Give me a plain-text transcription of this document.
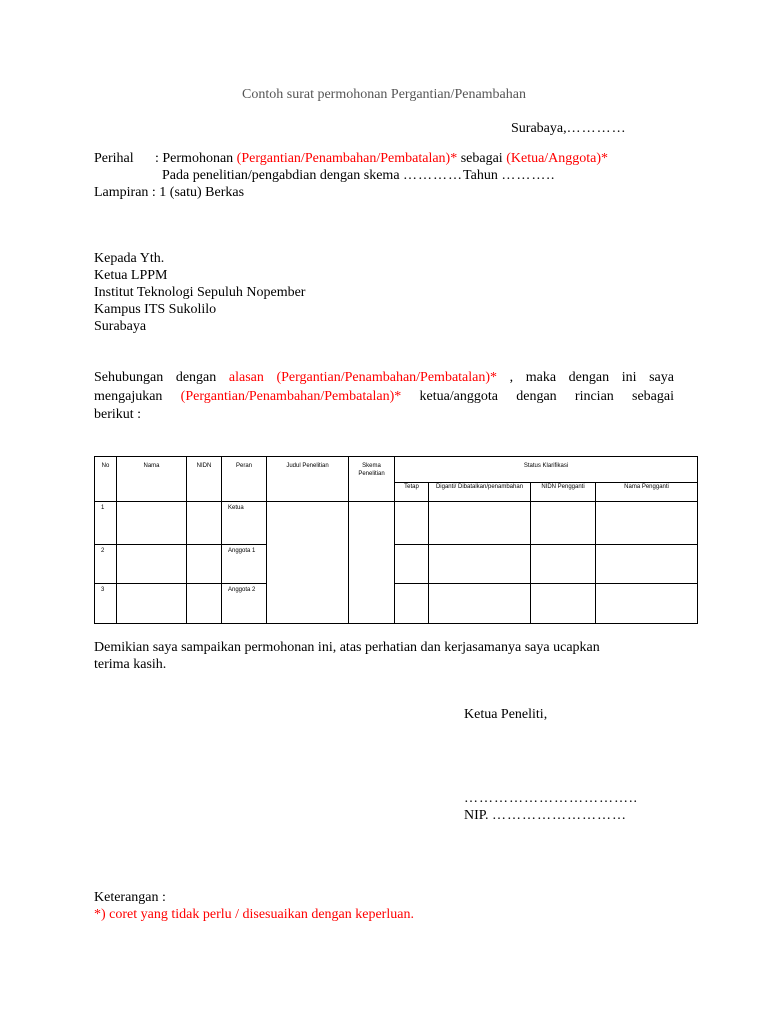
Contoh surat permohonan Pergantian/Penambahan
Surabaya,…………
Perihal : Permohonan (Pergantian/Penambahan/Pembatalan)* sebagai (Ketua/Anggota)*
Pada penelitian/pengabdian dengan skema …………Tahun ………..
Lampiran : 1 (satu) Berkas
Kepada Yth.
Ketua LPPM
Institut Teknologi Sepuluh Nopember
Kampus ITS Sukolilo
Surabaya
Sehubungan dengan alasan (Pergantian/Penambahan/Pembatalan)* , maka dengan ini saya
mengajukan (Pergantian/Penambahan/Pembatalan)* ketua/anggota dengan rincian sebagai
berikut :
No	Nama	NIDN	Peran	Judul Penelitian	Skema Penelitian	Status Klarifikasi			
						Tetap	Diganti/ Dibatalkan/penambahan	NIDN Pengganti	Nama Pengganti
1			Ketua						
2			Anggota 1						
3			Anggota 2						
Demikian saya sampaikan permohonan ini, atas perhatian dan kerjasamanya saya ucapkan
terima kasih.
Ketua Peneliti,
……………………………..
NIP. ………………………
Keterangan :
*) coret yang tidak perlu / disesuaikan dengan keperluan.
